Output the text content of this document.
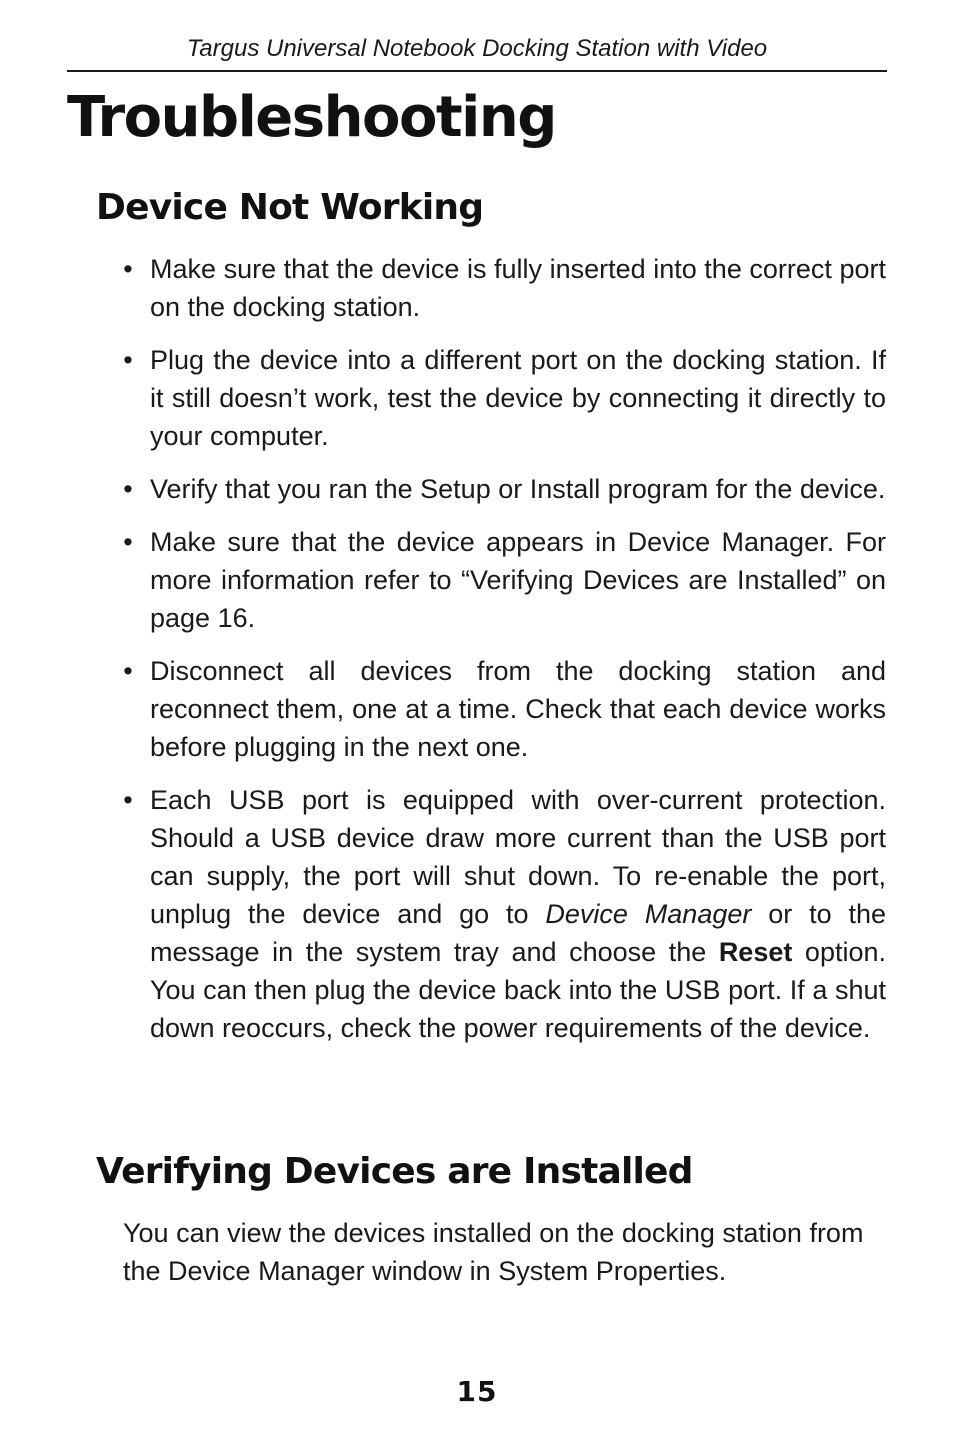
Targus Universal Notebook Docking Station with Video
Troubleshooting
Device Not Working
• Make sure that the device is fully inserted into the correct port on the docking station.
• Plug the device into a different port on the docking station. If it still doesn’t work, test the device by connecting it directly to your computer.
• Verify that you ran the Setup or Install program for the device.
• Make sure that the device appears in Device Manager. For more information refer to “Verifying Devices are Installed” on page 16.
• Disconnect all devices from the docking station and reconnect them, one at a time. Check that each device works before plugging in the next one.
• Each USB port is equipped with over-current protection. Should a USB device draw more current than the USB port can supply, the port will shut down. To re-enable the port, unplug the device and go to Device Manager or to the message in the system tray and choose the Reset option. You can then plug the device back into the USB port. If a shut down reoccurs, check the power requirements of the device.
Verifying Devices are Installed

You can view the devices installed on the docking station from the Device Manager window in System Properties.

15
